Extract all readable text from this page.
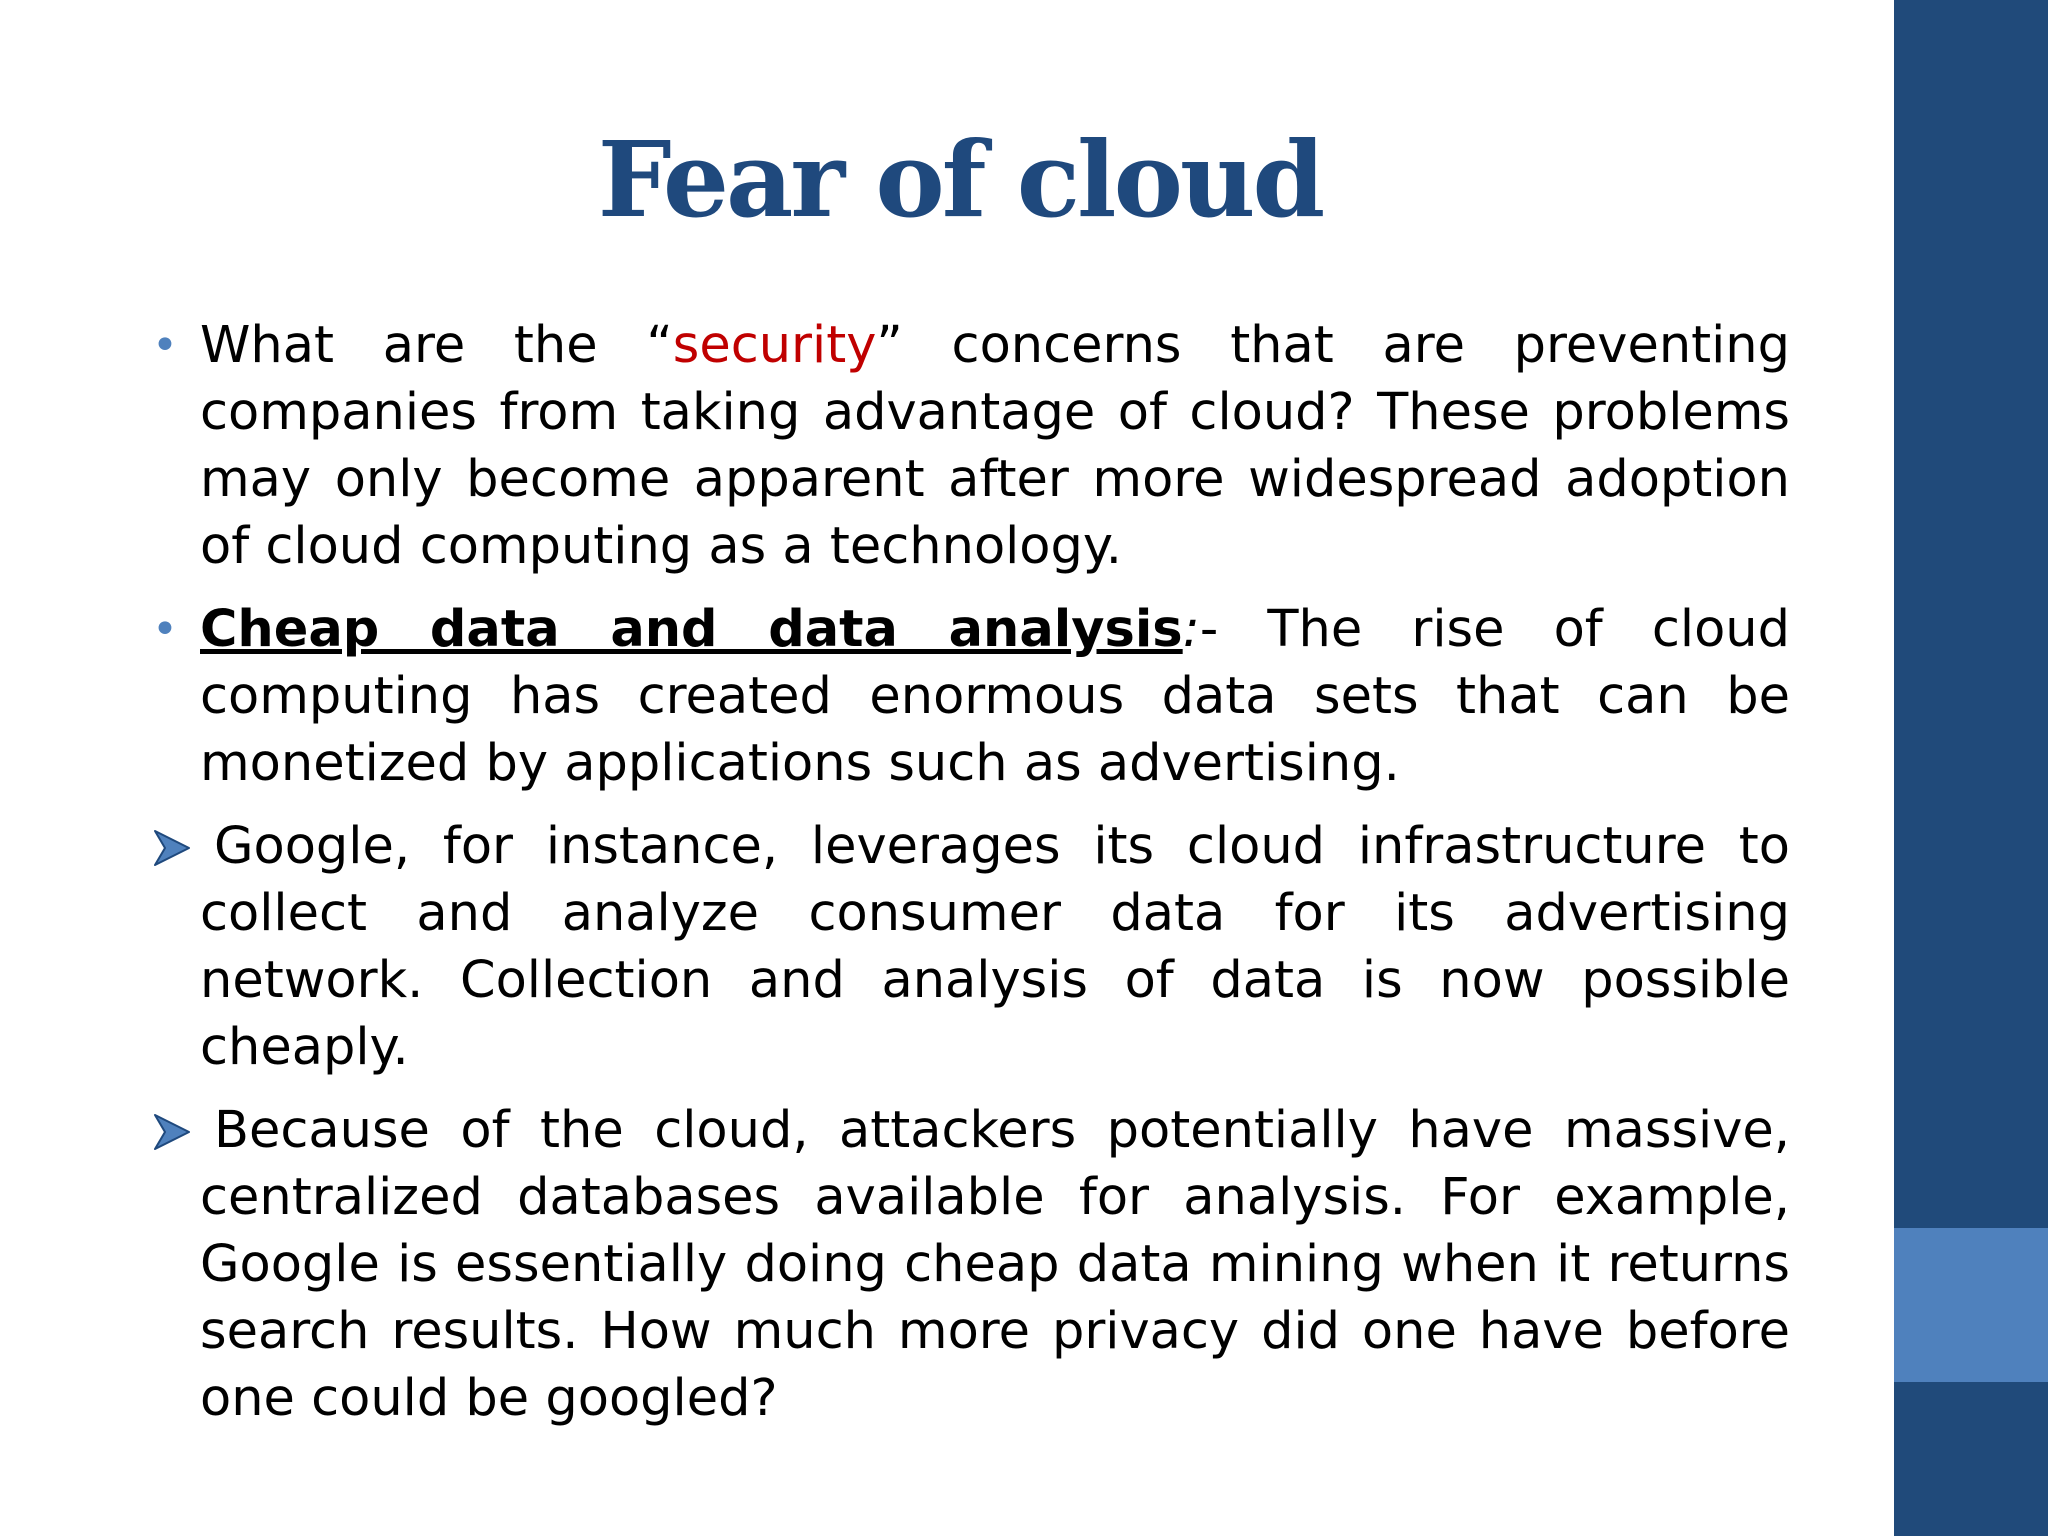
Fear of cloud
• What are the “security” concerns that are preventing companies from taking advantage of cloud? These problems may only become apparent after more widespread adoption of cloud computing as a technology.
• Cheap data and data analysis:- The rise of cloud computing has created enormous data sets that can be monetized by applications such as advertising.
Google, for instance, leverages its cloud infrastructure to collect and analyze consumer data for its advertising network. Collection and analysis of data is now possible cheaply.
Because of the cloud, attackers potentially have massive, centralized databases available for analysis. For example, Google is essentially doing cheap data mining when it returns search results. How much more privacy did one have before one could be googled?
